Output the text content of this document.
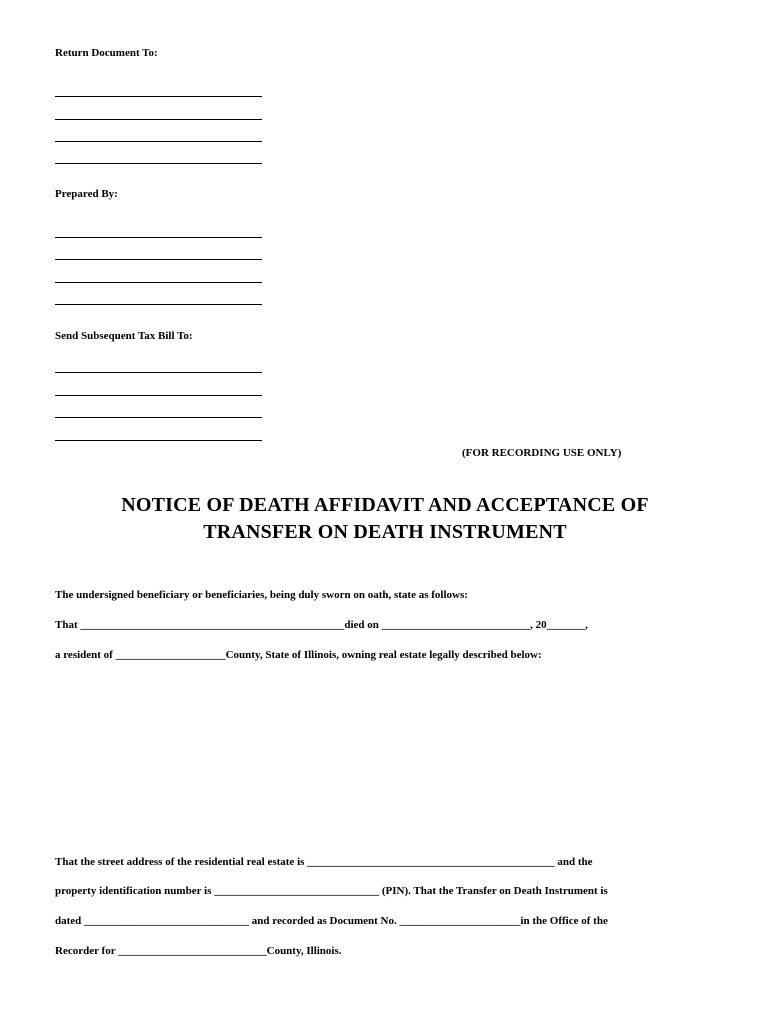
Return Document To:
Prepared By:
Send Subsequent Tax Bill To:
(FOR RECORDING USE ONLY)
NOTICE OF DEATH AFFIDAVIT AND ACCEPTANCE OF
TRANSFER ON DEATH INSTRUMENT
The undersigned beneficiary or beneficiaries, being duly sworn on oath, state as follows:
That ________________________________________________died on ___________________________, 20_______,
a resident of ____________________County, State of Illinois, owning real estate legally described below:
That the street address of the residential real estate is _____________________________________________ and the
property identification number is ______________________________ (PIN). That the Transfer on Death Instrument is
dated ______________________________ and recorded as Document No. ______________________in the Office of the
Recorder for ___________________________County, Illinois.
